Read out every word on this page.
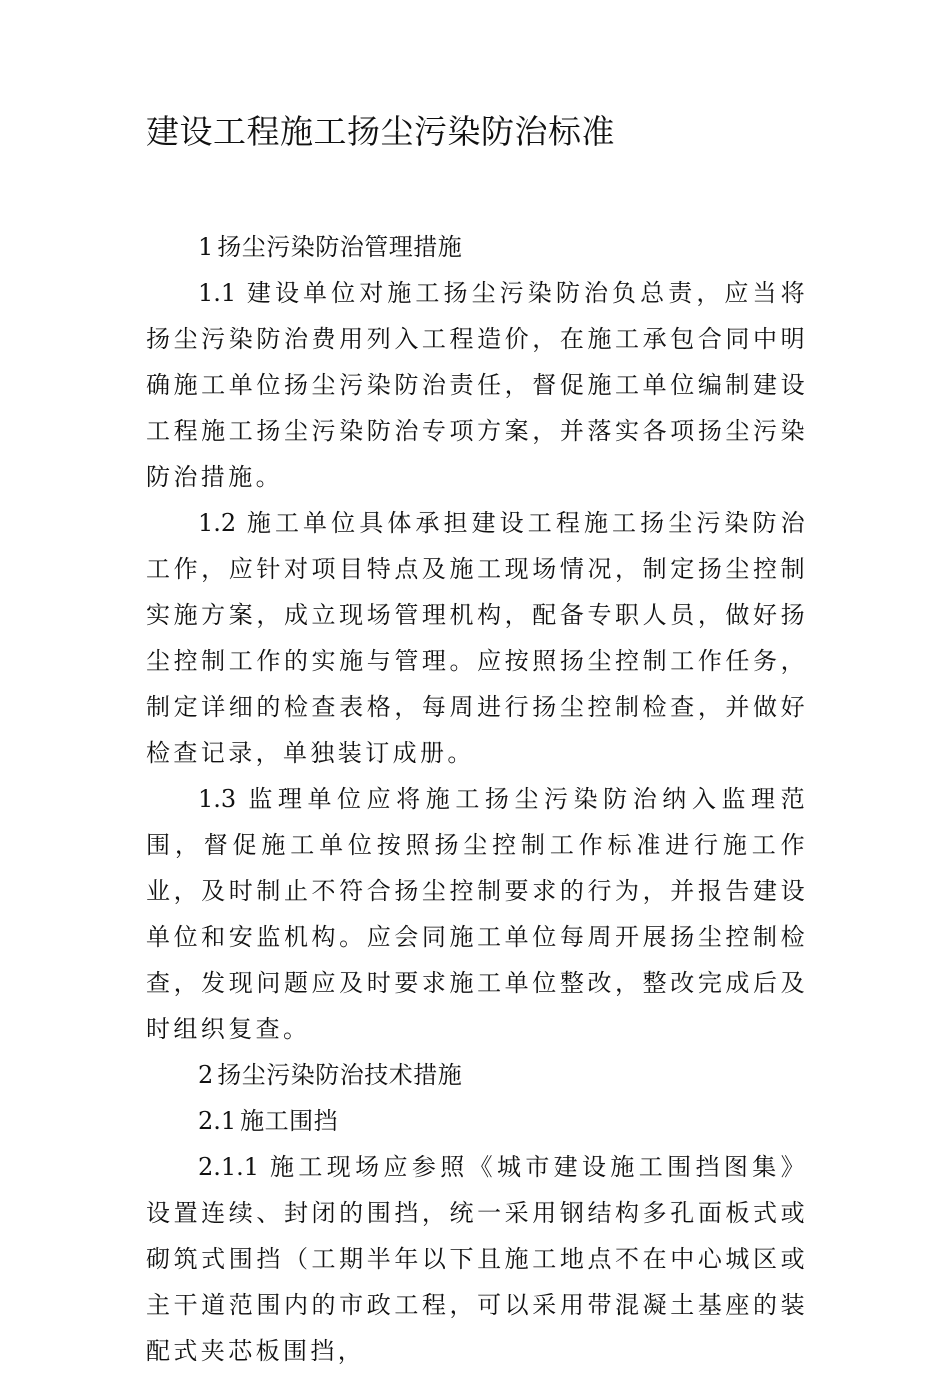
建设工程施工扬尘污染防治标准

1 扬尘污染防治管理措施

1.1 建设单位对施工扬尘污染防治负总责，应当将扬尘污染防治费用列入工程造价，在施工承包合同中明确施工单位扬尘污染防治责任，督促施工单位编制建设工程施工扬尘污染防治专项方案，并落实各项扬尘污染防治措施。

1.2 施工单位具体承担建设工程施工扬尘污染防治工作，应针对项目特点及施工现场情况，制定扬尘控制实施方案，成立现场管理机构，配备专职人员，做好扬尘控制工作的实施与管理。应按照扬尘控制工作任务，制定详细的检查表格，每周进行扬尘控制检查，并做好检查记录，单独装订成册。

1.3 监理单位应将施工扬尘污染防治纳入监理范围，督促施工单位按照扬尘控制工作标准进行施工作业，及时制止不符合扬尘控制要求的行为，并报告建设单位和安监机构。应会同施工单位每周开展扬尘控制检查，发现问题应及时要求施工单位整改，整改完成后及时组织复查。

2 扬尘污染防治技术措施

2.1 施工围挡

2.1.1 施工现场应参照《城市建设施工围挡图集》设置连续、封闭的围挡，统一采用钢结构多孔面板式或砌筑式围挡（工期半年以下且施工地点不在中心城区或主干道范围内的市政工程，可以采用带混凝土基座的装配式夹芯板围挡，
